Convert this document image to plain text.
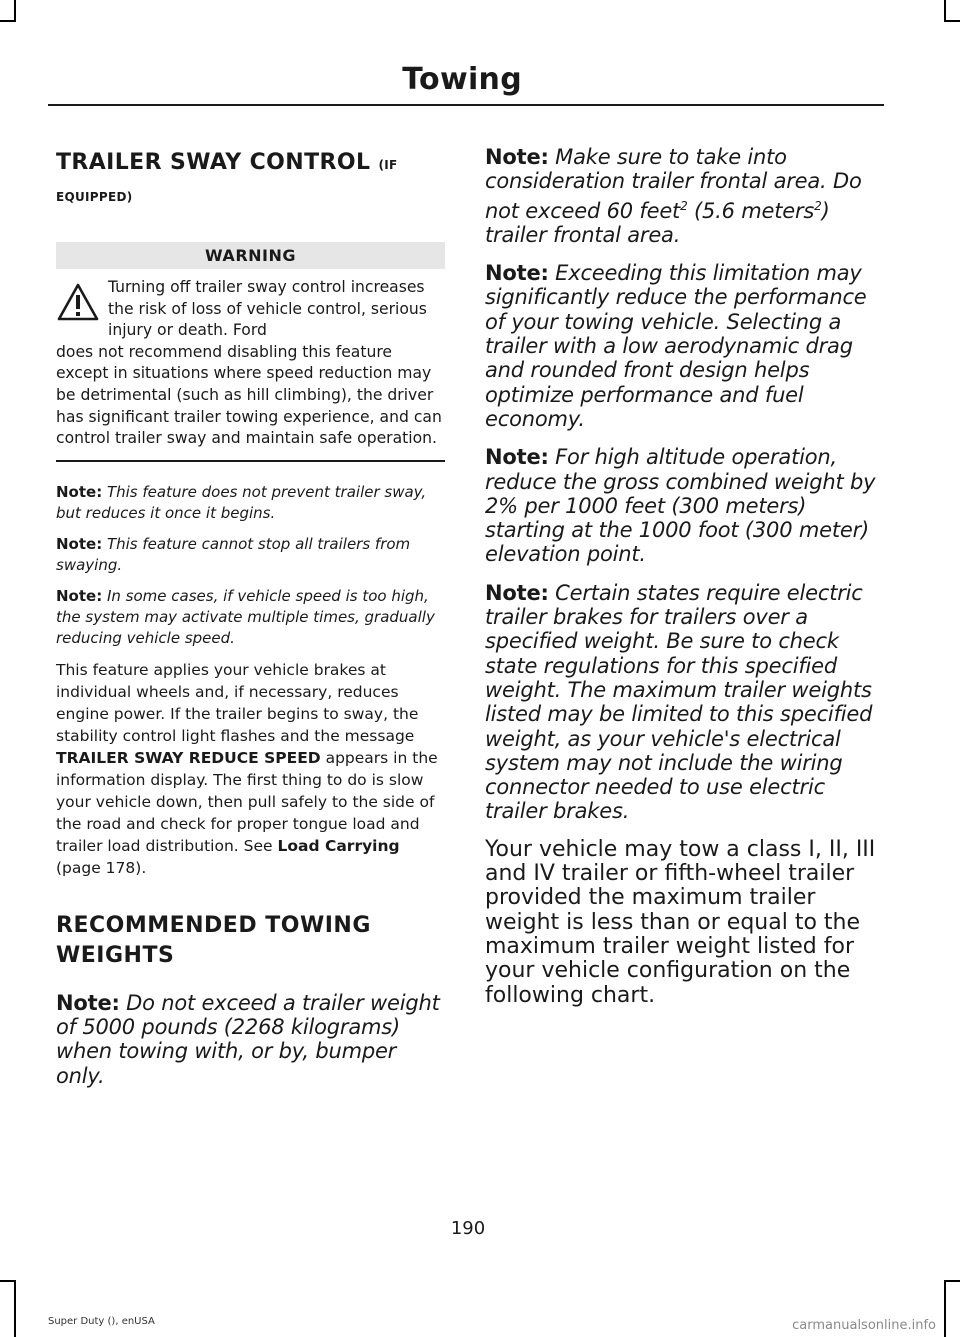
Towing
TRAILER SWAY CONTROL (IF EQUIPPED)
WARNING

Turning off trailer sway control increases the risk of loss of vehicle control, serious injury or death. Ford
does not recommend disabling this feature except in situations where speed reduction may be detrimental (such as hill climbing), the driver has significant trailer towing experience, and can control trailer sway and maintain safe operation.

Note: This feature does not prevent trailer sway, but reduces it once it begins.

Note: This feature cannot stop all trailers from swaying.

Note: In some cases, if vehicle speed is too high, the system may activate multiple times, gradually reducing vehicle speed.

This feature applies your vehicle brakes at individual wheels and, if necessary, reduces engine power. If the trailer begins to sway, the stability control light flashes and the message TRAILER SWAY REDUCE SPEED appears in the information display. The first thing to do is slow your vehicle down, then pull safely to the side of the road and check for proper tongue load and trailer load distribution. See Load Carrying (page 178).

RECOMMENDED TOWING WEIGHTS

Note: Do not exceed a trailer weight of 5000 pounds (2268 kilograms) when towing with, or by, bumper only.

Note: Make sure to take into consideration trailer frontal area. Do not exceed 60 feet$^2$ (5.6 meters$^2$) trailer frontal area.

Note: Exceeding this limitation may significantly reduce the performance of your towing vehicle. Selecting a trailer with a low aerodynamic drag and rounded front design helps optimize performance and fuel economy.

Note: For high altitude operation, reduce the gross combined weight by 2% per 1000 feet (300 meters) starting at the 1000 foot (300 meter) elevation point.

Note: Certain states require electric trailer brakes for trailers over a specified weight. Be sure to check state regulations for this specified weight. The maximum trailer weights listed may be limited to this specified weight, as your vehicle's electrical system may not include the wiring connector needed to use electric trailer brakes.

Your vehicle may tow a class I, II, III and IV trailer or fifth-wheel trailer provided the maximum trailer weight is less than or equal to the maximum trailer weight listed for your vehicle configuration on the following chart.

190
Super Duty (), enUSA	carmanualsonline.info
